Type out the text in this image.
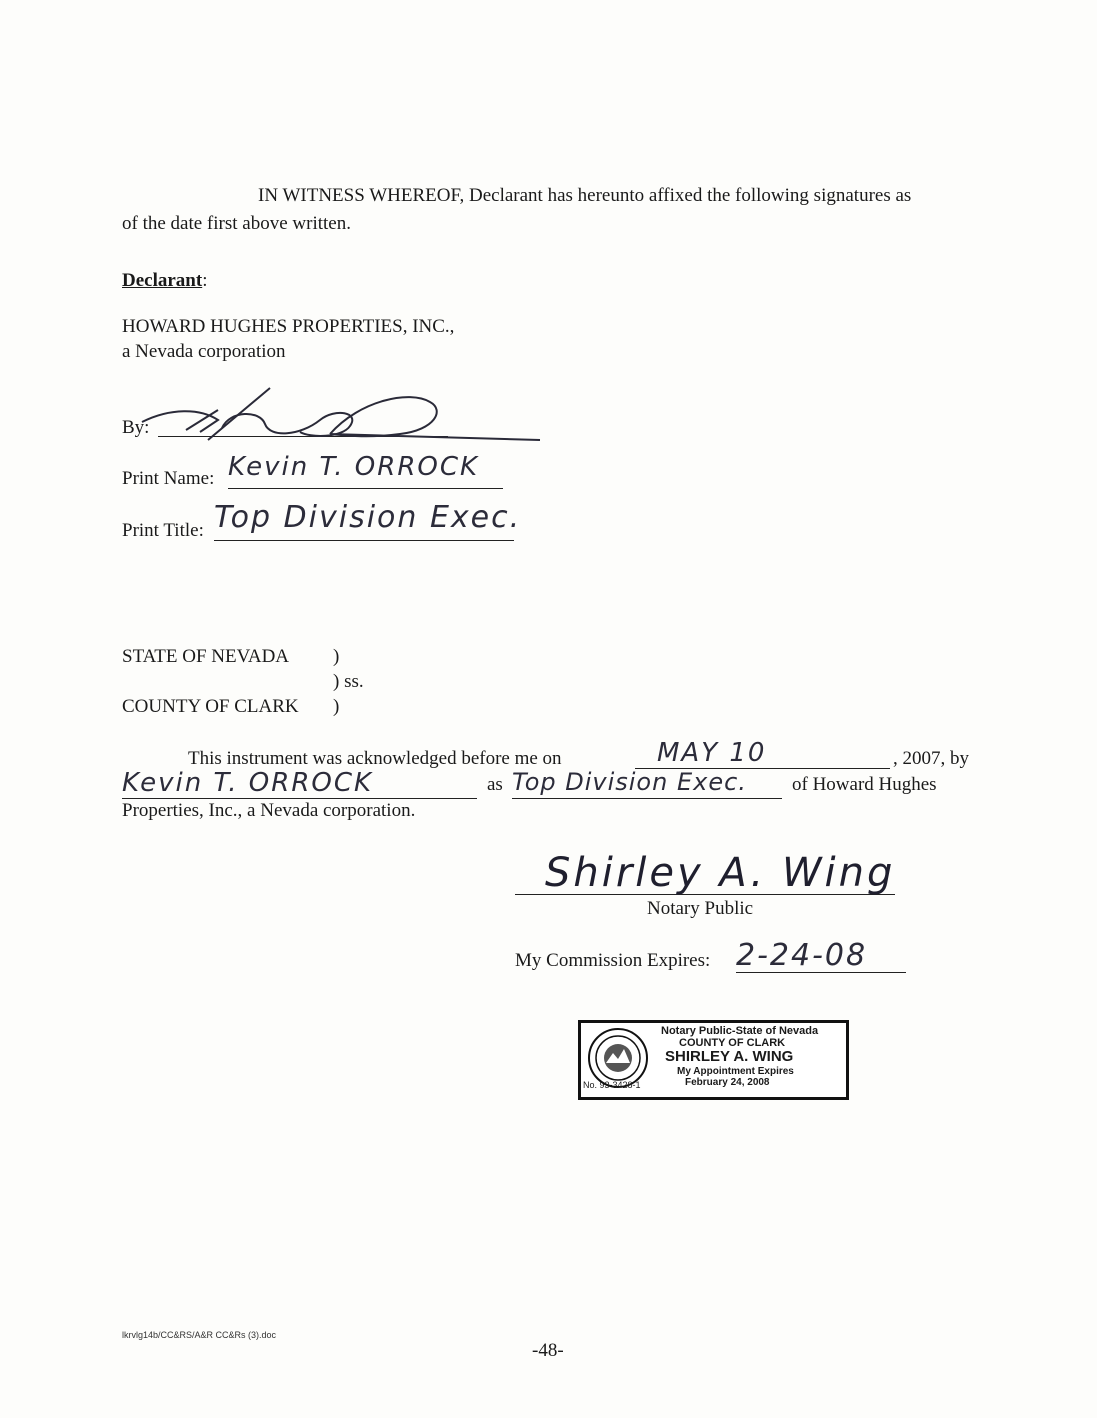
IN WITNESS WHEREOF, Declarant has hereunto affixed the following signatures as
of the date first above written.
Declarant:
HOWARD HUGHES PROPERTIES, INC.,
a Nevada corporation
By:
Print Name: Kevin T. ORROCK
Print Title: Top Division Exec.
STATE OF NEVADA )
) ss.
COUNTY OF CLARK )
This instrument was acknowledged before me on	MAY 10	, 2007, by
Kevin T. ORROCK	as Top Division Exec.	of Howard Hughes
Properties, Inc., a Nevada corporation.
Shirley A. Wing
Notary Public
My Commission Expires: 2-24-08
Notary Public-State of Nevada
COUNTY OF CLARK
SHIRLEY A. WING
My Appointment Expires
February 24, 2008
No. 93-3428-1
lkrvlg14b/CC&RS/A&R CC&Rs (3).doc
-48-
